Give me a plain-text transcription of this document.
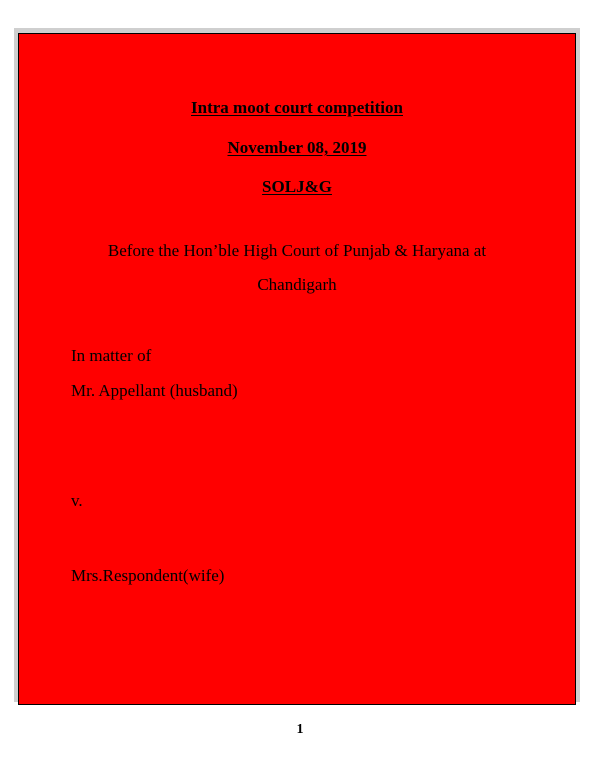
Intra moot court competition

November 08, 2019

SOLJ&G

Before the Hon’ble High Court of Punjab & Haryana at
Chandigarh

In matter of

Mr. Appellant (husband)

v.

Mrs.Respondent(wife)

1
